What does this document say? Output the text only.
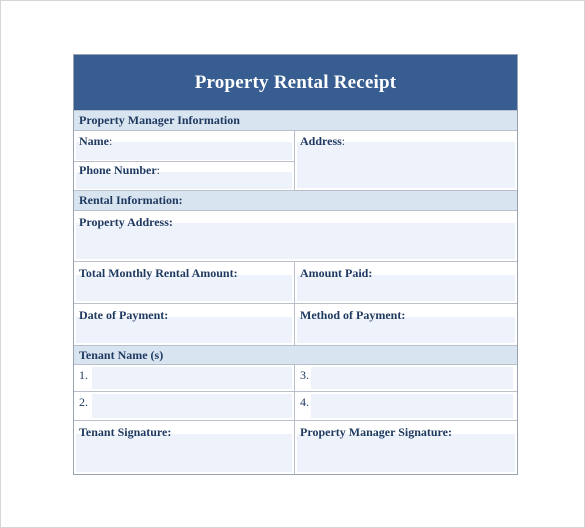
Property Rental Receipt
Property Manager Information
Name:
Phone Number:
Address:
Rental Information:
Property Address:
Total Monthly Rental Amount:	Amount Paid:
Date of Payment:	Method of Payment:
Tenant Name (s)
1.	3.
2.	4.
Tenant Signature:	Property Manager Signature:
